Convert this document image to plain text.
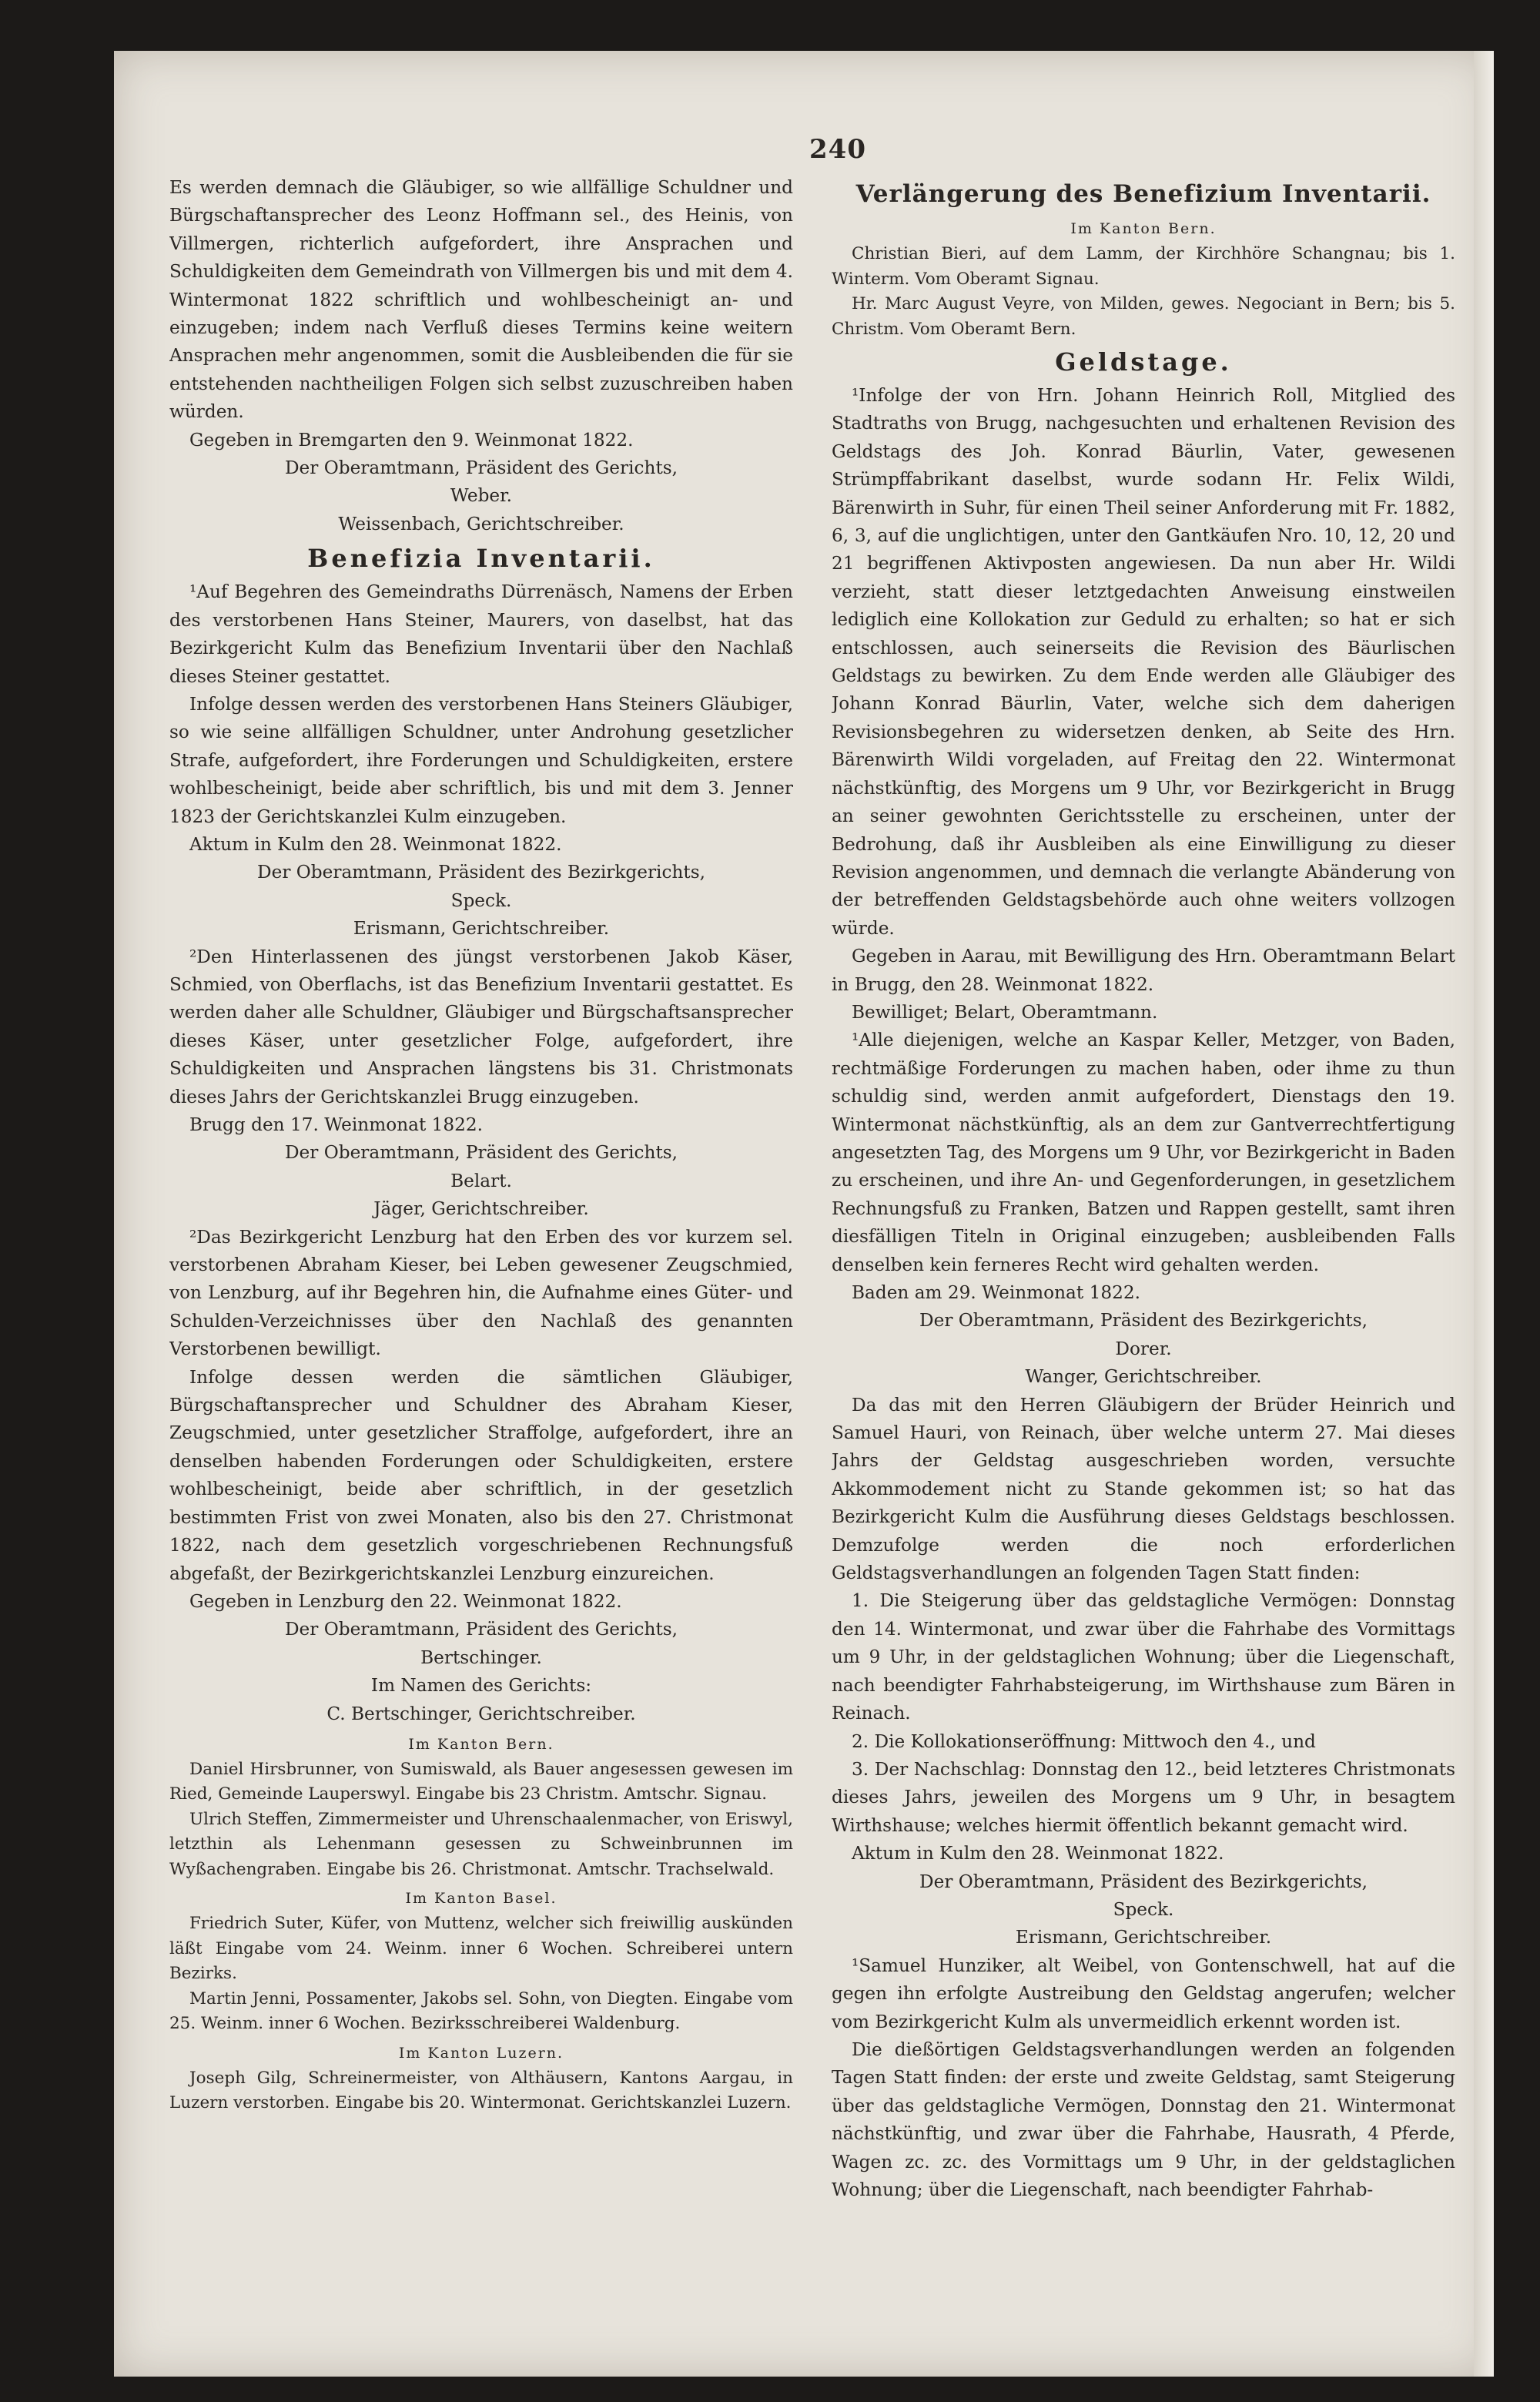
240

Es werden demnach die Gläubiger, so wie allfällige Schuldner und Bürgschaftansprecher des Leonz Hoffmann sel., des Heinis, von Villmergen, richterlich aufgefordert, ihre Ansprachen und Schuldigkeiten dem Gemeindrath von Villmergen bis und mit dem 4. Wintermonat 1822 schriftlich und wohlbescheinigt an- und einzugeben; indem nach Verfluß dieses Termins keine weitern Ansprachen mehr angenommen, somit die Ausbleibenden die für sie entstehenden nachtheiligen Folgen sich selbst zuzuschreiben haben würden.

Gegeben in Bremgarten den 9. Weinmonat 1822.

Der Oberamtmann, Präsident des Gerichts,

Weber.

Weissenbach, Gerichtschreiber.

Benefizia Inventarii.

¹Auf Begehren des Gemeindraths Dürrenäsch, Namens der Erben des verstorbenen Hans Steiner, Maurers, von daselbst, hat das Bezirkgericht Kulm das Benefizium Inventarii über den Nachlaß dieses Steiner gestattet.

Infolge dessen werden des verstorbenen Hans Steiners Gläubiger, so wie seine allfälligen Schuldner, unter Androhung gesetzlicher Strafe, aufgefordert, ihre Forderungen und Schuldigkeiten, erstere wohlbescheinigt, beide aber schriftlich, bis und mit dem 3. Jenner 1823 der Gerichtskanzlei Kulm einzugeben.

Aktum in Kulm den 28. Weinmonat 1822.

Der Oberamtmann, Präsident des Bezirkgerichts,

Speck.

Erismann, Gerichtschreiber.

²Den Hinterlassenen des jüngst verstorbenen Jakob Käser, Schmied, von Oberflachs, ist das Benefizium Inventarii gestattet. Es werden daher alle Schuldner, Gläubiger und Bürgschaftsansprecher dieses Käser, unter gesetzlicher Folge, aufgefordert, ihre Schuldigkeiten und Ansprachen längstens bis 31. Christmonats dieses Jahrs der Gerichtskanzlei Brugg einzugeben.

Brugg den 17. Weinmonat 1822.

Der Oberamtmann, Präsident des Gerichts,

Belart.

Jäger, Gerichtschreiber.

²Das Bezirkgericht Lenzburg hat den Erben des vor kurzem sel. verstorbenen Abraham Kieser, bei Leben gewesener Zeugschmied, von Lenzburg, auf ihr Begehren hin, die Aufnahme eines Güter- und Schulden-Verzeichnisses über den Nachlaß des genannten Verstorbenen bewilligt.

Infolge dessen werden die sämtlichen Gläubiger, Bürgschaftansprecher und Schuldner des Abraham Kieser, Zeugschmied, unter gesetzlicher Straffolge, aufgefordert, ihre an denselben habenden Forderungen oder Schuldigkeiten, erstere wohlbescheinigt, beide aber schriftlich, in der gesetzlich bestimmten Frist von zwei Monaten, also bis den 27. Christmonat 1822, nach dem gesetzlich vorgeschriebenen Rechnungsfuß abgefaßt, der Bezirkgerichtskanzlei Lenzburg einzureichen.

Gegeben in Lenzburg den 22. Weinmonat 1822.

Der Oberamtmann, Präsident des Gerichts,

Bertschinger.

Im Namen des Gerichts:

C. Bertschinger, Gerichtschreiber.

Im Kanton Bern.

Daniel Hirsbrunner, von Sumiswald, als Bauer angesessen gewesen im Ried, Gemeinde Lauperswyl. Eingabe bis 23 Christm. Amtschr. Signau.

Ulrich Steffen, Zimmermeister und Uhrenschaalenmacher, von Eriswyl, letzthin als Lehenmann gesessen zu Schweinbrunnen im Wyßachengraben. Eingabe bis 26. Christmonat. Amtschr. Trachselwald.

Im Kanton Basel.

Friedrich Suter, Küfer, von Muttenz, welcher sich freiwillig auskünden läßt Eingabe vom 24. Weinm. inner 6 Wochen. Schreiberei untern Bezirks.

Martin Jenni, Possamenter, Jakobs sel. Sohn, von Diegten. Eingabe vom 25. Weinm. inner 6 Wochen. Bezirksschreiberei Waldenburg.

Im Kanton Luzern.

Joseph Gilg, Schreinermeister, von Althäusern, Kantons Aargau, in Luzern verstorben. Eingabe bis 20. Wintermonat. Gerichtskanzlei Luzern.

Verlängerung des Benefizium Inventarii.

Im Kanton Bern.

Christian Bieri, auf dem Lamm, der Kirchhöre Schangnau; bis 1. Winterm. Vom Oberamt Signau.

Hr. Marc August Veyre, von Milden, gewes. Negociant in Bern; bis 5. Christm. Vom Oberamt Bern.

Geldstage.

¹Infolge der von Hrn. Johann Heinrich Roll, Mitglied des Stadtraths von Brugg, nachgesuchten und erhaltenen Revision des Geldstags des Joh. Konrad Bäurlin, Vater, gewesenen Strümpffabrikant daselbst, wurde sodann Hr. Felix Wildi, Bärenwirth in Suhr, für einen Theil seiner Anforderung mit Fr. 1882, 6, 3, auf die unglichtigen, unter den Gantkäufen Nro. 10, 12, 20 und 21 begriffenen Aktivposten angewiesen. Da nun aber Hr. Wildi verzieht, statt dieser letztgedachten Anweisung einstweilen lediglich eine Kollokation zur Geduld zu erhalten; so hat er sich entschlossen, auch seinerseits die Revision des Bäurlischen Geldstags zu bewirken. Zu dem Ende werden alle Gläubiger des Johann Konrad Bäurlin, Vater, welche sich dem daherigen Revisionsbegehren zu widersetzen denken, ab Seite des Hrn. Bärenwirth Wildi vorgeladen, auf Freitag den 22. Wintermonat nächstkünftig, des Morgens um 9 Uhr, vor Bezirkgericht in Brugg an seiner gewohnten Gerichtsstelle zu erscheinen, unter der Bedrohung, daß ihr Ausbleiben als eine Einwilligung zu dieser Revision angenommen, und demnach die verlangte Abänderung von der betreffenden Geldstagsbehörde auch ohne weiters vollzogen würde.

Gegeben in Aarau, mit Bewilligung des Hrn. Oberamtmann Belart in Brugg, den 28. Weinmonat 1822.

Bewilliget; Belart, Oberamtmann.

¹Alle diejenigen, welche an Kaspar Keller, Metzger, von Baden, rechtmäßige Forderungen zu machen haben, oder ihme zu thun schuldig sind, werden anmit aufgefordert, Dienstags den 19. Wintermonat nächstkünftig, als an dem zur Gantverrechtfertigung angesetzten Tag, des Morgens um 9 Uhr, vor Bezirkgericht in Baden zu erscheinen, und ihre An- und Gegenforderungen, in gesetzlichem Rechnungsfuß zu Franken, Batzen und Rappen gestellt, samt ihren diesfälligen Titeln in Original einzugeben; ausbleibenden Falls denselben kein ferneres Recht wird gehalten werden.

Baden am 29. Weinmonat 1822.

Der Oberamtmann, Präsident des Bezirkgerichts,

Dorer.

Wanger, Gerichtschreiber.

Da das mit den Herren Gläubigern der Brüder Heinrich und Samuel Hauri, von Reinach, über welche unterm 27. Mai dieses Jahrs der Geldstag ausgeschrieben worden, versuchte Akkommodement nicht zu Stande gekommen ist; so hat das Bezirkgericht Kulm die Ausführung dieses Geldstags beschlossen. Demzufolge werden die noch erforderlichen Geldstagsverhandlungen an folgenden Tagen Statt finden:

1. Die Steigerung über das geldstagliche Vermögen: Donnstag den 14. Wintermonat, und zwar über die Fahrhabe des Vormittags um 9 Uhr, in der geldstaglichen Wohnung; über die Liegenschaft, nach beendigter Fahrhabsteigerung, im Wirthshause zum Bären in Reinach.

2. Die Kollokationseröffnung: Mittwoch den 4., und

3. Der Nachschlag: Donnstag den 12., beid letzteres Christmonats dieses Jahrs, jeweilen des Morgens um 9 Uhr, in besagtem Wirthshause; welches hiermit öffentlich bekannt gemacht wird.

Aktum in Kulm den 28. Weinmonat 1822.

Der Oberamtmann, Präsident des Bezirkgerichts,

Speck.

Erismann, Gerichtschreiber.

¹Samuel Hunziker, alt Weibel, von Gontenschwell, hat auf die gegen ihn erfolgte Austreibung den Geldstag angerufen; welcher vom Bezirkgericht Kulm als unvermeidlich erkennt worden ist.

Die dießörtigen Geldstagsverhandlungen werden an folgenden Tagen Statt finden: der erste und zweite Geldstag, samt Steigerung über das geldstagliche Vermögen, Donnstag den 21. Wintermonat nächstkünftig, und zwar über die Fahrhabe, Hausrath, 4 Pferde, Wagen zc. zc. des Vormittags um 9 Uhr, in der geldstaglichen Wohnung; über die Liegenschaft, nach beendigter Fahrhab-
